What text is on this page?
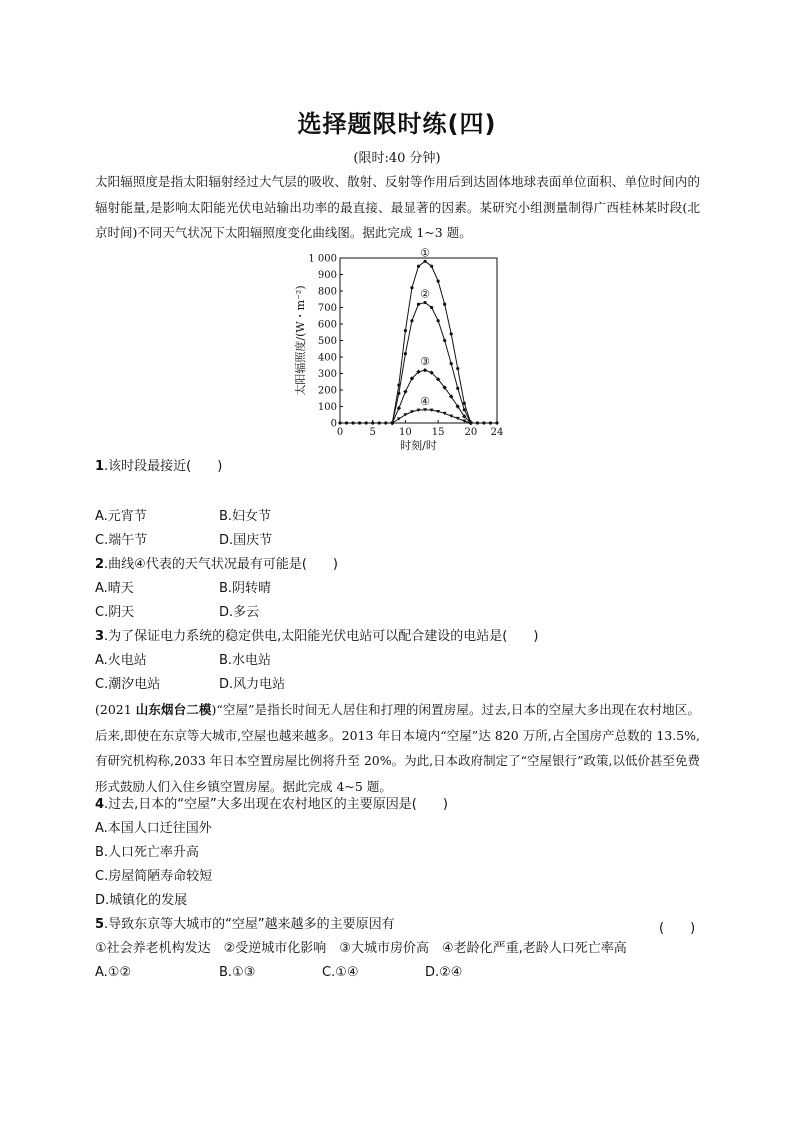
选择题限时练(四)
(限时:40 分钟)
太阳辐照度是指太阳辐射经过大气层的吸收、散射、反射等作用后到达固体地球表面单位面积、单位时间内的辐射能量,是影响太阳能光伏电站输出功率的最直接、最显著的因素。某研究小组测量制得广西桂林某时段(北京时间)不同天气状况下太阳辐照度变化曲线图。据此完成 1~3 题。
0	5 10 15 20 24
0
100
200
300
400
500
600
700
800
900
1 000
时刻/时
太阳辐照度/(W・m⁻²)
①
②
③
④
1.该时段最接近(　　)
A.元宵节	B.妇女节
C.端午节	D.国庆节
2.曲线④代表的天气状况最有可能是(　　)
A.晴天	B.阴转晴
C.阴天	D.多云
3.为了保证电力系统的稳定供电,太阳能光伏电站可以配合建设的电站是(　　)
A.火电站	B.水电站
C.潮汐电站	D.风力电站
(2021 山东烟台二模)“空屋”是指长时间无人居住和打理的闲置房屋。过去,日本的空屋大多出现在农村地区。后来,即使在东京等大城市,空屋也越来越多。2013 年日本境内“空屋”达 820 万所,占全国房产总数的 13.5%,有研究机构称,2033 年日本空置房屋比例将升至 20%。为此,日本政府制定了“空屋银行”政策,以低价甚至免费形式鼓励人们入住乡镇空置房屋。据此完成 4~5 题。
4.过去,日本的“空屋”大多出现在农村地区的主要原因是(　　)
A.本国人口迁往国外
B.人口死亡率升高
C.房屋简陋寿命较短
D.城镇化的发展
5.导致东京等大城市的“空屋”越来越多的主要原因有	(　　)
①社会养老机构发达　②受逆城市化影响　③大城市房价高　④老龄化严重,老龄人口死亡率高
A.①②	B.①③	C.①④	D.②④
